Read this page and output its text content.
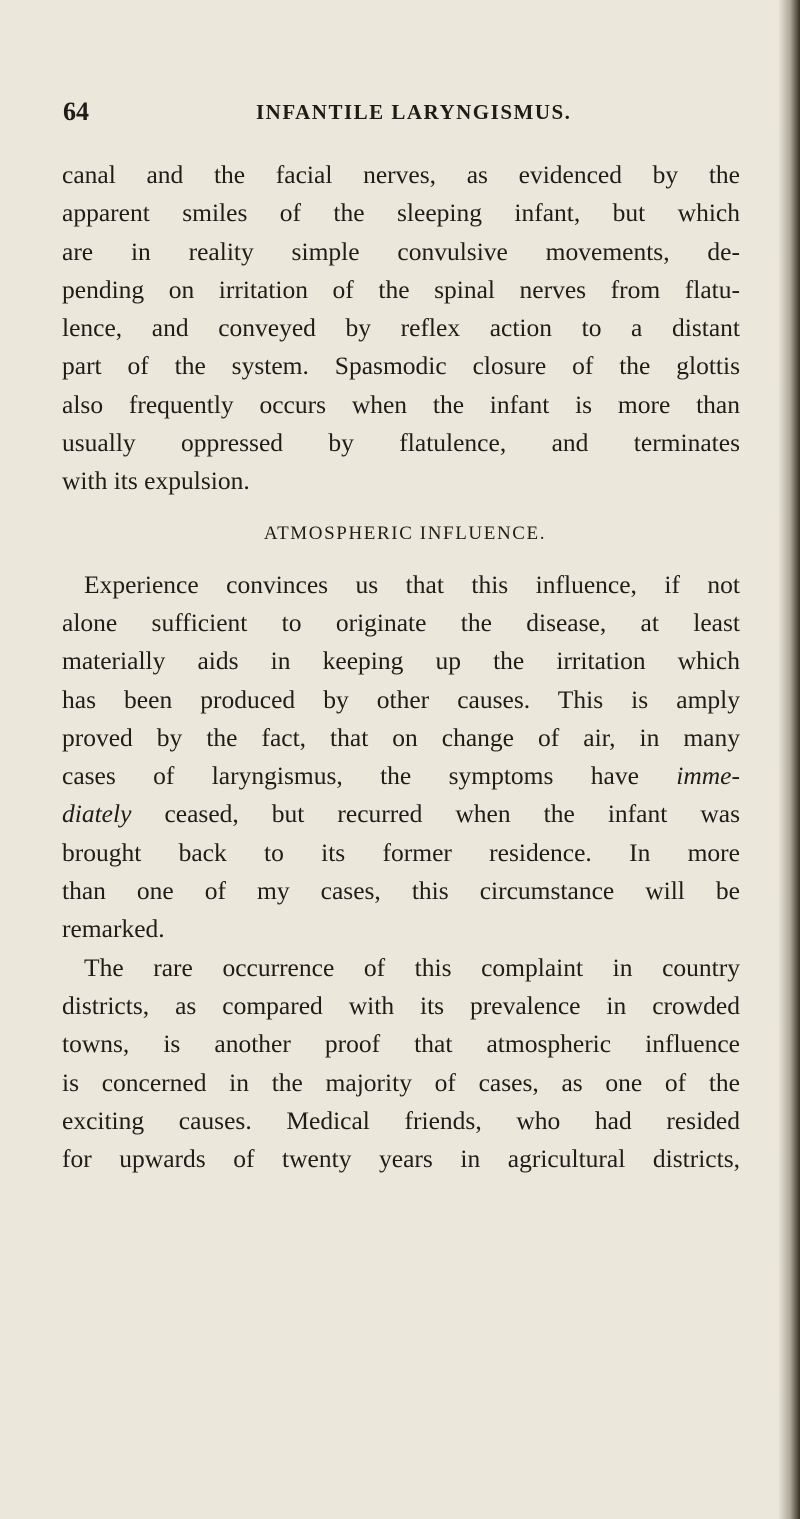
64	INFANTILE LARYNGISMUS.
canal and the facial nerves, as evidenced by the
apparent smiles of the sleeping infant, but which
are in reality simple convulsive movements, de-
pending on irritation of the spinal nerves from flatu-
lence, and conveyed by reflex action to a distant
part of the system. Spasmodic closure of the glottis
also frequently occurs when the infant is more than
usually oppressed by flatulence, and terminates
with its expulsion.
ATMOSPHERIC INFLUENCE.
Experience convinces us that this influence, if not
alone sufficient to originate the disease, at least
materially aids in keeping up the irritation which
has been produced by other causes. This is amply
proved by the fact, that on change of air, in many
cases of laryngismus, the symptoms have imme-
diately ceased, but recurred when the infant was
brought back to its former residence. In more
than one of my cases, this circumstance will be
remarked.
The rare occurrence of this complaint in country
districts, as compared with its prevalence in crowded
towns, is another proof that atmospheric influence
is concerned in the majority of cases, as one of the
exciting causes. Medical friends, who had resided
for upwards of twenty years in agricultural districts,
